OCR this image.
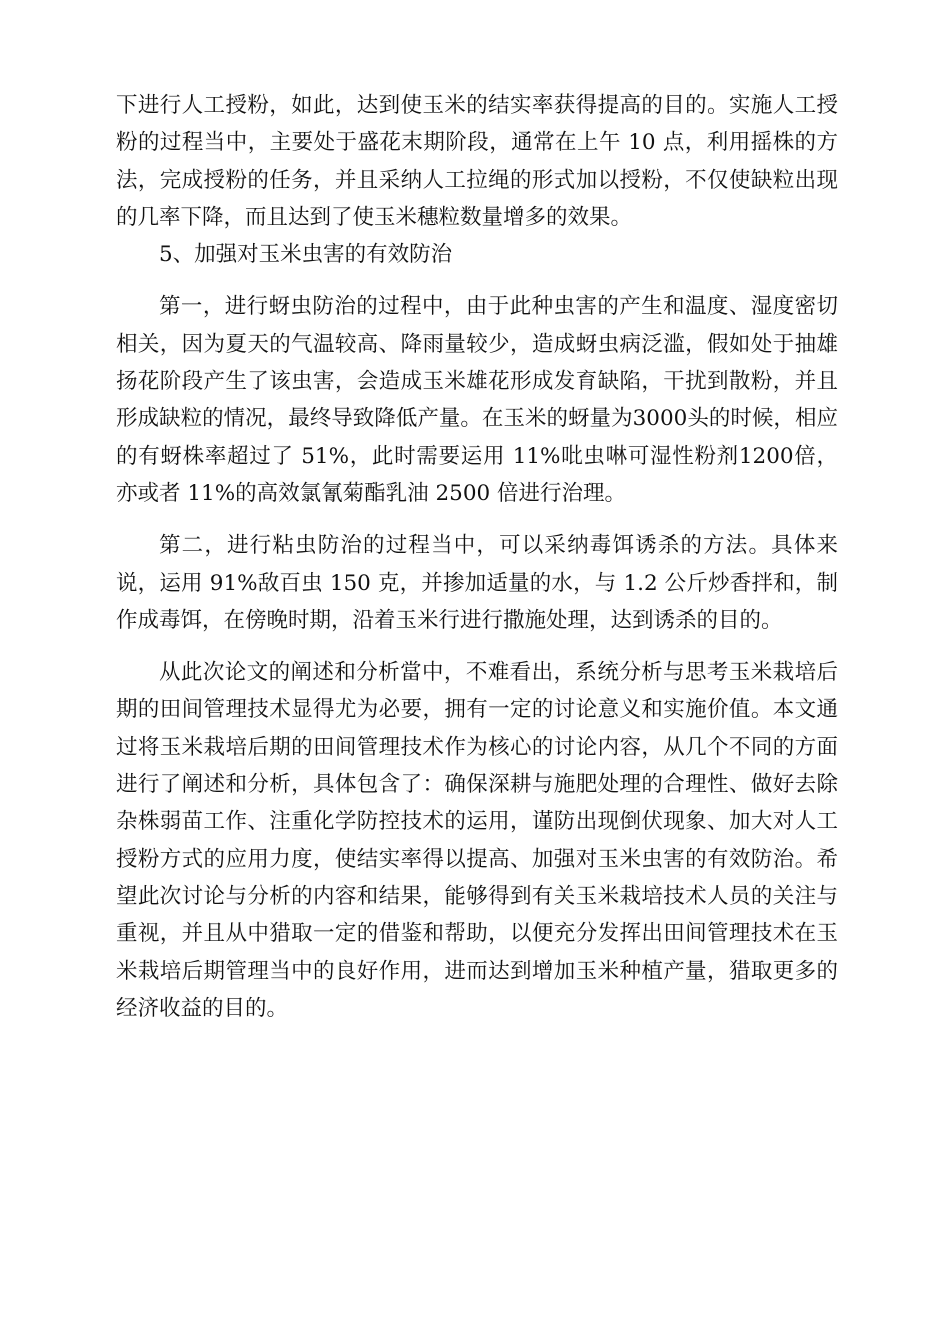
下进行人工授粉，如此，达到使玉米的结实率获得提高的目的。实施人工授粉的过程当中，主要处于盛花末期阶段，通常在上午 10 点，利用摇株的方法，完成授粉的任务，并且采纳人工拉绳的形式加以授粉，不仅使缺粒出现的几率下降，而且达到了使玉米穗粒数量增多的效果。

5、加强对玉米虫害的有效防治

第一，进行蚜虫防治的过程中，由于此种虫害的产生和温度、湿度密切相关，因为夏天的气温较高、降雨量较少，造成蚜虫病泛滥，假如处于抽雄扬花阶段产生了该虫害，会造成玉米雄花形成发育缺陷，干扰到散粉，并且形成缺粒的情况，最终导致降低产量。在玉米的蚜量为3000头的时候，相应的有蚜株率超过了 51%，此时需要运用 11%吡虫啉可湿性粉剂1200倍，亦或者 11%的高效氯氰菊酯乳油 2500 倍进行治理。

第二，进行粘虫防治的过程当中，可以采纳毒饵诱杀的方法。具体来说，运用 91%敌百虫 150 克，并掺加适量的水，与 1.2 公斤炒香拌和，制作成毒饵，在傍晚时期，沿着玉米行进行撒施处理，达到诱杀的目的。

从此次论文的阐述和分析當中，不难看出，系统分析与思考玉米栽培后期的田间管理技术显得尤为必要，拥有一定的讨论意义和实施价值。本文通过将玉米栽培后期的田间管理技术作为核心的讨论内容，从几个不同的方面进行了阐述和分析，具体包含了：确保深耕与施肥处理的合理性、做好去除杂株弱苗工作、注重化学防控技术的运用，谨防出现倒伏现象、加大对人工授粉方式的应用力度，使结实率得以提高、加强对玉米虫害的有效防治。希望此次讨论与分析的内容和结果，能够得到有关玉米栽培技术人员的关注与重视，并且从中猎取一定的借鉴和帮助，以便充分发挥出田间管理技术在玉米栽培后期管理当中的良好作用，进而达到增加玉米种植产量，猎取更多的经济收益的目的。
